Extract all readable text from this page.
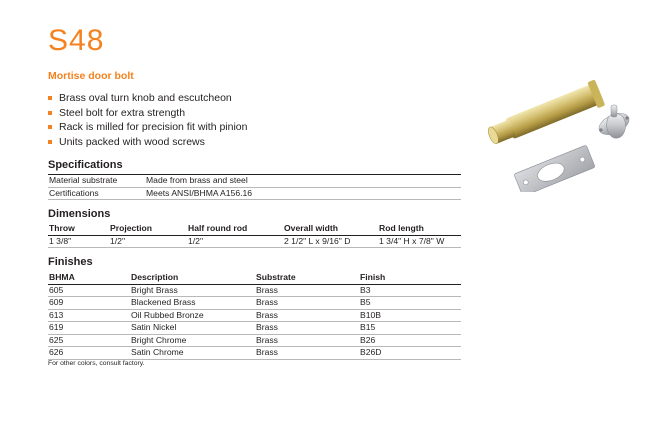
S48
Mortise door bolt
Brass oval turn knob and escutcheon
Steel bolt for extra strength
Rack is milled for precision fit with pinion
Units packed with wood screws
Specifications
Material substrate	Made from brass and steel
Certifications	Meets ANSI/BHMA A156.16
Dimensions
Throw	Projection	Half round rod	Overall width	Rod length
1 3/8"	1/2"	1/2"	2 1/2" L x 9/16" D	1 3/4" H x 7/8" W
Finishes
BHMA	Description	Substrate	Finish
605	Bright Brass	Brass	B3
609	Blackened Brass	Brass	B5
613	Oil Rubbed Bronze	Brass	B10B
619	Satin Nickel	Brass	B15
625	Bright Chrome	Brass	B26
626	Satin Chrome	Brass	B26D
For other colors, consult factory.
